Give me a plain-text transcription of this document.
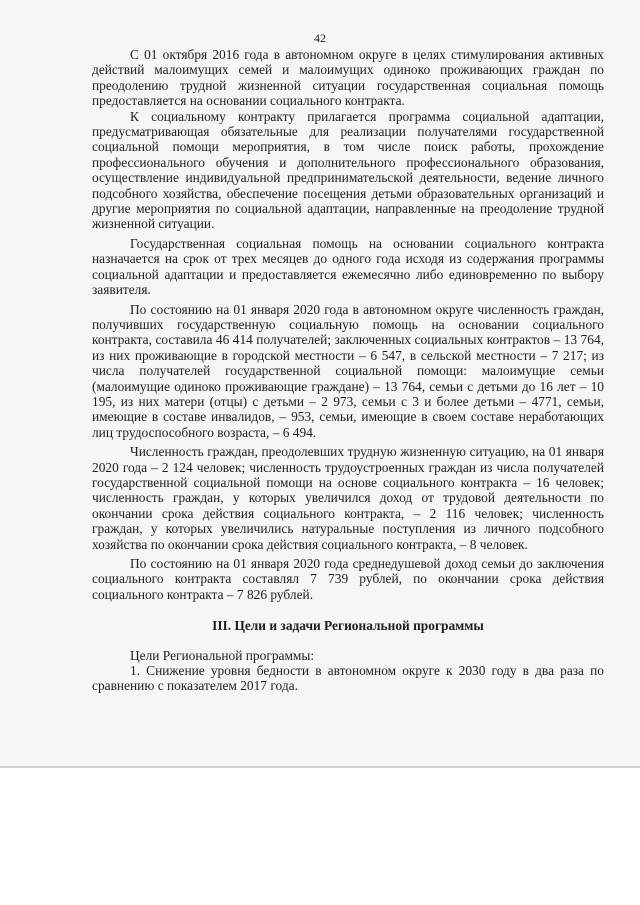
42

С 01 октября 2016 года в автономном округе в целях стимулирования активных действий малоимущих семей и малоимущих одиноко проживающих граждан по преодолению трудной жизненной ситуации государственная социальная помощь предоставляется на основании социального контракта.

К социальному контракту прилагается программа социальной адаптации, предусматривающая обязательные для реализации получателями государственной социальной помощи мероприятия, в том числе поиск работы, прохождение профессионального обучения и дополнительного профессионального образования, осуществление индивидуальной предпринимательской деятельности, ведение личного подсобного хозяйства, обеспечение посещения детьми образовательных организаций и другие мероприятия по социальной адаптации, направленные на преодоление трудной жизненной ситуации.

Государственная социальная помощь на основании социального контракта назначается на срок от трех месяцев до одного года исходя из содержания программы социальной адаптации и предоставляется ежемесячно либо единовременно по выбору заявителя.

По состоянию на 01 января 2020 года в автономном округе численность граждан, получивших государственную социальную помощь на основании социального контракта, составила 46 414 получателей; заключенных социальных контрактов – 13 764, из них проживающие в городской местности – 6 547, в сельской местности – 7 217; из числа получателей государственной социальной помощи: малоимущие семьи (малоимущие одиноко проживающие граждане) – 13 764, семьи с детьми до 16 лет – 10 195, из них матери (отцы) с детьми – 2 973, семьи с 3 и более детьми – 4771, семьи, имеющие в составе инвалидов, – 953, семьи, имеющие в своем составе неработающих лиц трудоспособного возраста, – 6 494.

Численность граждан, преодолевших трудную жизненную ситуацию, на 01 января 2020 года – 2 124 человек; численность трудоустроенных граждан из числа получателей государственной социальной помощи на основе социального контракта – 16 человек; численность граждан, у которых увеличился доход от трудовой деятельности по окончании срока действия социального контракта, – 2 116 человек; численность граждан, у которых увеличились натуральные поступления из личного подсобного хозяйства по окончании срока действия социального контракта, – 8 человек.

По состоянию на 01 января 2020 года среднедушевой доход семьи до заключения социального контракта составлял 7 739 рублей, по окончании срока действия социального контракта – 7 826 рублей.

III. Цели и задачи Региональной программы

Цели Региональной программы:

1. Снижение уровня бедности в автономном округе к 2030 году в два раза по сравнению с показателем 2017 года.
